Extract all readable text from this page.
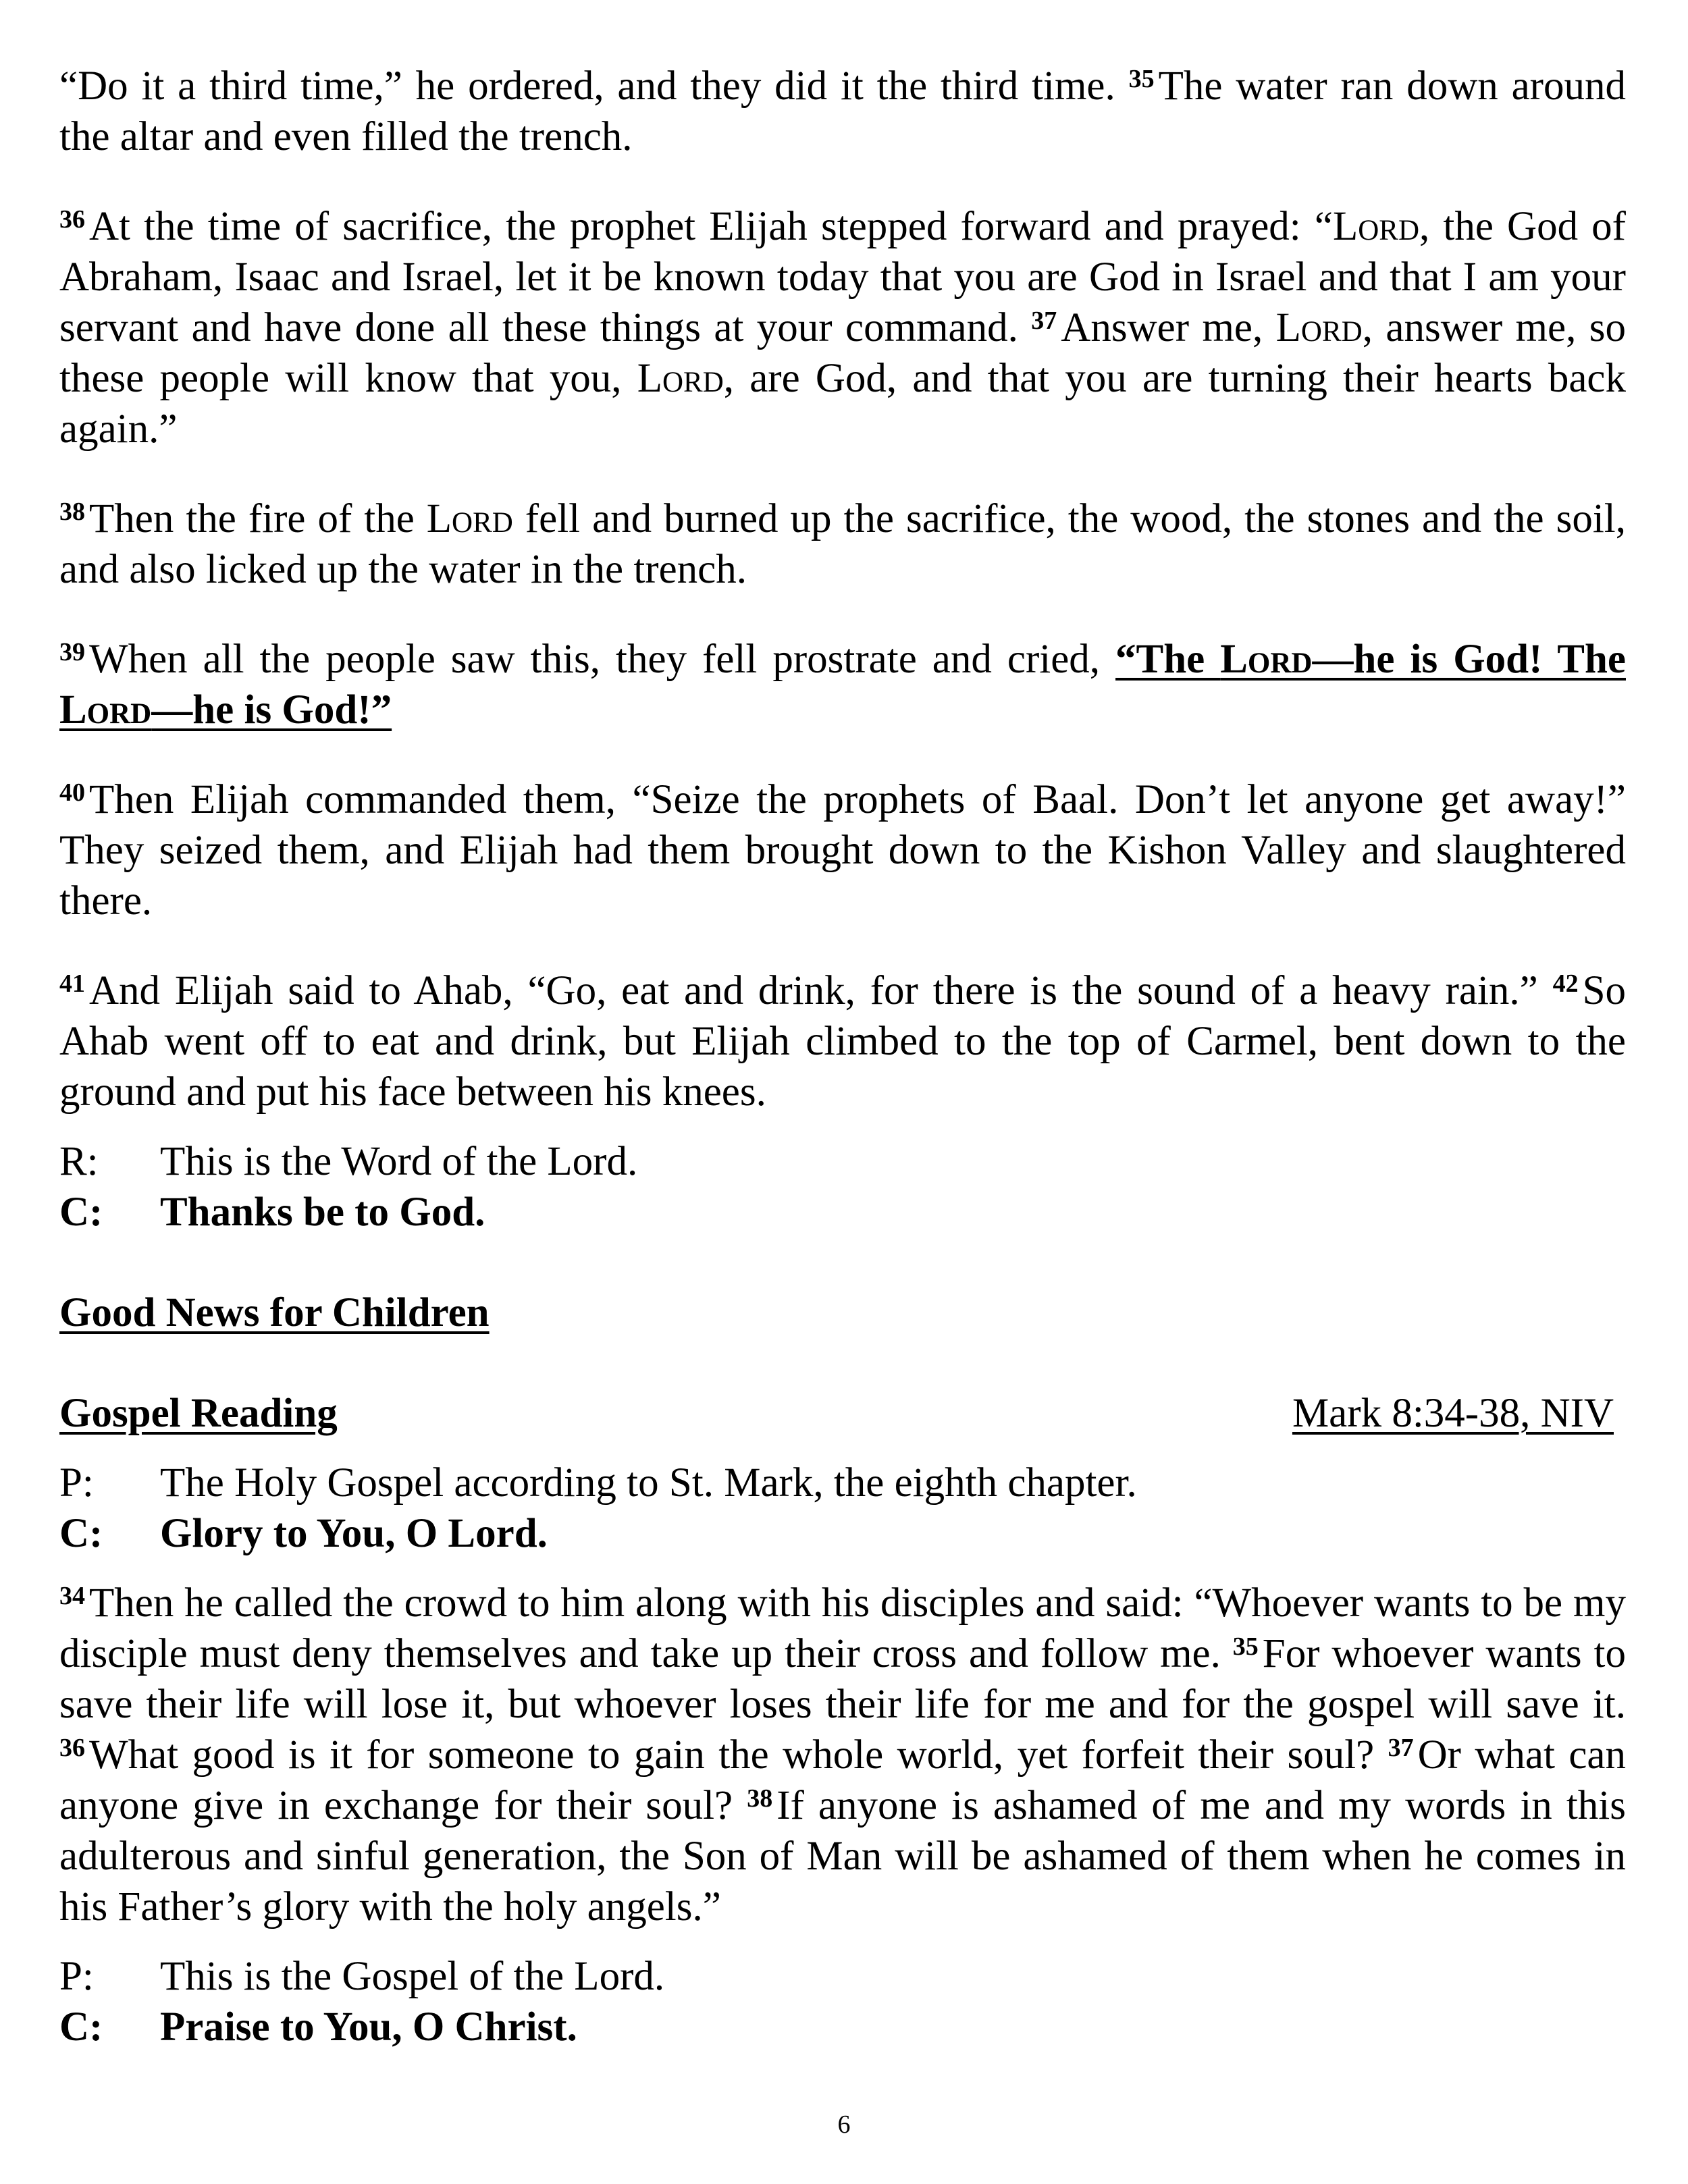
“Do it a third time,” he ordered, and they did it the third time. $^{35}$The water ran down around the altar and even filled the trench.

$^{36}$At the time of sacrifice, the prophet Elijah stepped forward and prayed: “Lord, the God of Abraham, Isaac and Israel, let it be known today that you are God in Israel and that I am your servant and have done all these things at your command. $^{37}$Answer me, Lord, answer me, so these people will know that you, Lord, are God, and that you are turning their hearts back again.”

$^{38}$Then the fire of the Lord fell and burned up the sacrifice, the wood, the stones and the soil, and also licked up the water in the trench.

$^{39}$When all the people saw this, they fell prostrate and cried, “The Lord—he is God! The Lord—he is God!”

$^{40}$Then Elijah commanded them, “Seize the prophets of Baal. Don’t let anyone get away!” They seized them, and Elijah had them brought down to the Kishon Valley and slaughtered there.

$^{41}$And Elijah said to Ahab, “Go, eat and drink, for there is the sound of a heavy rain.” $^{42}$So Ahab went off to eat and drink, but Elijah climbed to the top of Carmel, bent down to the ground and put his face between his knees.

R:	This is the Word of the Lord.
C:	Thanks be to God.
Good News for Children
Gospel Reading	Mark 8:34-38, NIV
P:	The Holy Gospel according to St. Mark, the eighth chapter.
C:	Glory to You, O Lord.

$^{34}$Then he called the crowd to him along with his disciples and said: “Whoever wants to be my disciple must deny themselves and take up their cross and follow me. $^{35}$For whoever wants to save their life will lose it, but whoever loses their life for me and for the gospel will save it. $^{36}$What good is it for someone to gain the whole world, yet forfeit their soul? $^{37}$Or what can anyone give in exchange for their soul? $^{38}$If anyone is ashamed of me and my words in this adulterous and sinful generation, the Son of Man will be ashamed of them when he comes in his Father’s glory with the holy angels.”

P:	This is the Gospel of the Lord.
C:	Praise to You, O Christ.
6
